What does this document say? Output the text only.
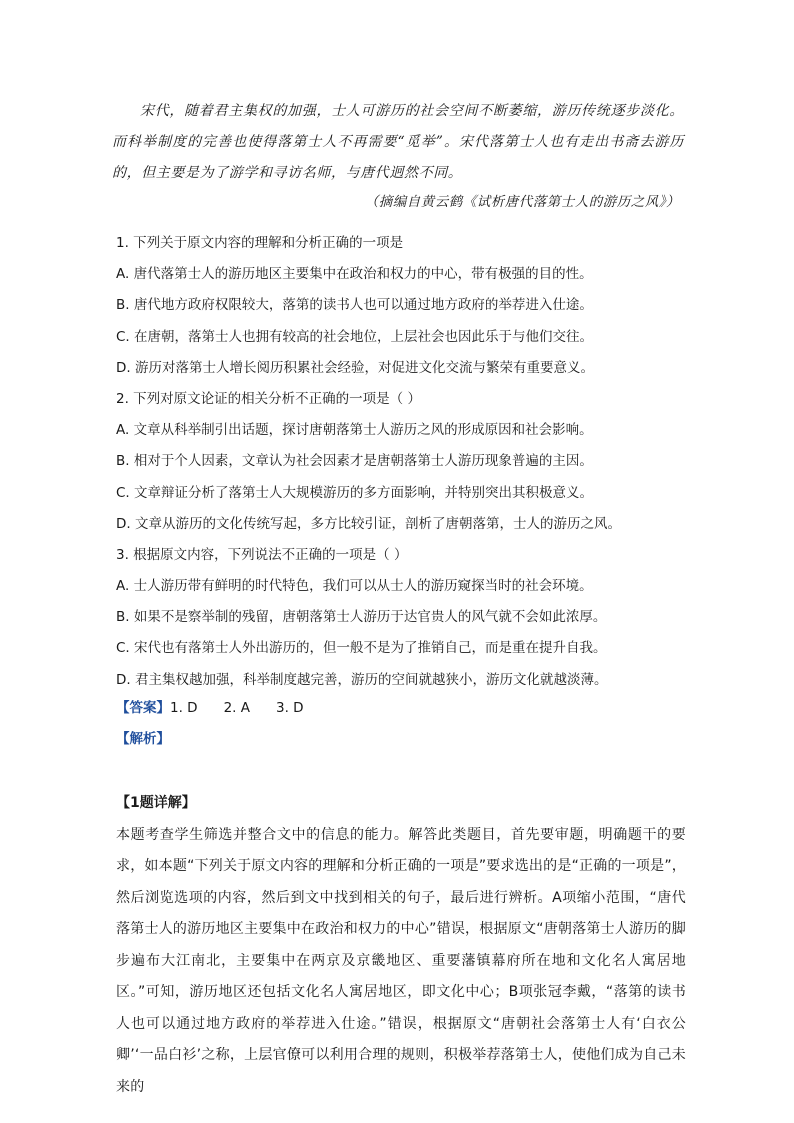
宋代，随着君主集权的加强，士人可游历的社会空间不断萎缩，游历传统逐步淡化。而科举制度的完善也使得落第士人不再需要“觅举”。宋代落第士人也有走出书斋去游历的，但主要是为了游学和寻访名师，与唐代迥然不同。

（摘编自黄云鹤《试析唐代落第士人的游历之风》）
1. 下列关于原文内容的理解和分析正确的一项是
A. 唐代落第士人的游历地区主要集中在政治和权力的中心，带有极强的目的性。
B. 唐代地方政府权限较大，落第的读书人也可以通过地方政府的举荐进入仕途。
C. 在唐朝，落第士人也拥有较高的社会地位，上层社会也因此乐于与他们交往。
D. 游历对落第士人增长阅历积累社会经验，对促进文化交流与繁荣有重要意义。
2. 下列对原文论证的相关分析不正确的一项是（ ）
A. 文章从科举制引出话题，探讨唐朝落第士人游历之风的形成原因和社会影响。
B. 相对于个人因素，文章认为社会因素才是唐朝落第士人游历现象普遍的主因。
C. 文章辩证分析了落第士人大规模游历的多方面影响，并特别突出其积极意义。
D. 文章从游历的文化传统写起，多方比较引证，剖析了唐朝落第，士人的游历之风。
3. 根据原文内容，下列说法不正确的一项是（ ）
A. 士人游历带有鲜明的时代特色，我们可以从士人的游历窥探当时的社会环境。
B. 如果不是察举制的残留，唐朝落第士人游历于达官贵人的风气就不会如此浓厚。
C. 宋代也有落第士人外出游历的，但一般不是为了推销自己，而是重在提升自我。
D. 君主集权越加强，科举制度越完善，游历的空间就越狭小，游历文化就越淡薄。
【答案】1. D 2. A 3. D
【解析】
【1题详解】
本题考查学生筛选并整合文中的信息的能力。解答此类题目，首先要审题，明确题干的要求，如本题“下列关于原文内容的理解和分析正确的一项是”要求选出的是“正确的一项是”，然后浏览选项的内容，然后到文中找到相关的句子，最后进行辨析。A项缩小范围，“唐代落第士人的游历地区主要集中在政治和权力的中心”错误，根据原文“唐朝落第士人游历的脚步遍布大江南北，主要集中在两京及京畿地区、重要藩镇幕府所在地和文化名人寓居地区。”可知，游历地区还包括文化名人寓居地区，即文化中心；B项张冠李戴，“落第的读书人也可以通过地方政府的举荐进入仕途。”错误，根据原文“唐朝社会落第士人有‘白衣公卿’‘一品白衫’之称，上层官僚可以利用合理的规则，积极举荐落第士人，使他们成为自己未来的
